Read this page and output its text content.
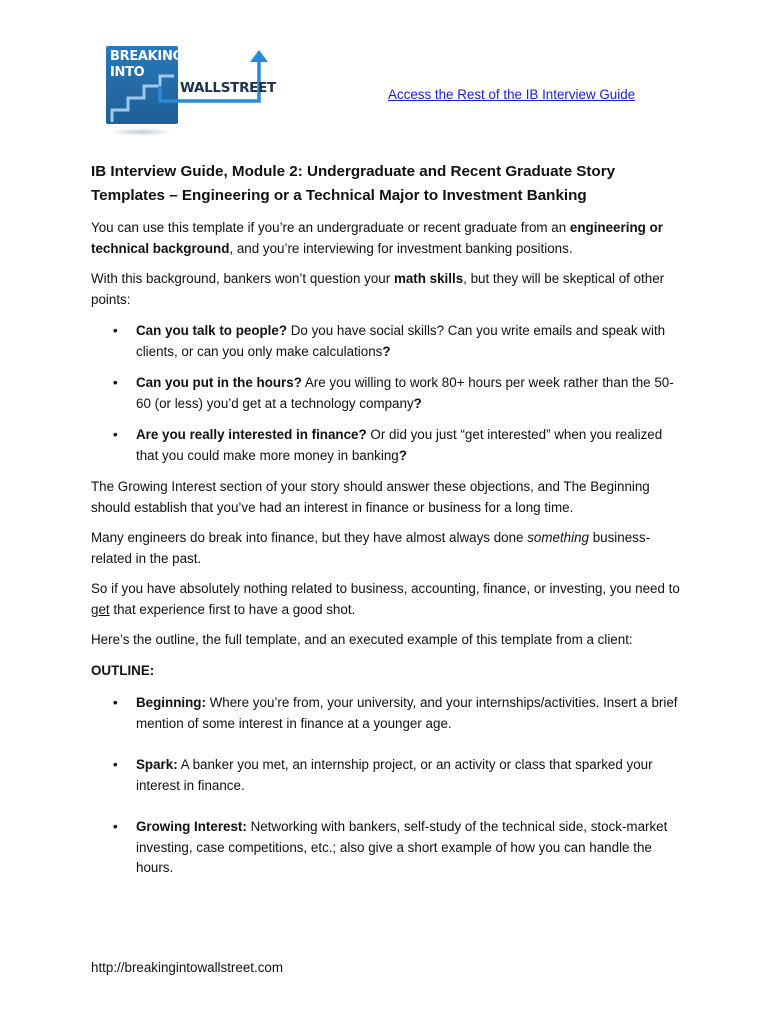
BREAKING
INTO
WALLSTREET	Access the Rest of the IB Interview Guide
IB Interview Guide, Module 2: Undergraduate and Recent Graduate Story
Templates – Engineering or a Technical Major to Investment Banking

You can use this template if you’re an undergraduate or recent graduate from an engineering or technical background, and you’re interviewing for investment banking positions.

With this background, bankers won’t question your math skills, but they will be skeptical of other points:

• Can you talk to people? Do you have social skills? Can you write emails and speak with clients, or can you only make calculations?

• Can you put in the hours? Are you willing to work 80+ hours per week rather than the 50-60 (or less) you’d get at a technology company?

• Are you really interested in finance? Or did you just “get interested” when you realized that you could make more money in banking?

The Growing Interest section of your story should answer these objections, and The Beginning should establish that you’ve had an interest in finance or business for a long time.

Many engineers do break into finance, but they have almost always done something business-related in the past.

So if you have absolutely nothing related to business, accounting, finance, or investing, you need to get that experience first to have a good shot.

Here’s the outline, the full template, and an executed example of this template from a client:

OUTLINE:

• Beginning: Where you’re from, your university, and your internships/activities. Insert a brief mention of some interest in finance at a younger age.

• Spark: A banker you met, an internship project, or an activity or class that sparked your interest in finance.

• Growing Interest: Networking with bankers, self-study of the technical side, stock-market investing, case competitions, etc.; also give a short example of how you can handle the hours.

http://breakingintowallstreet.com
